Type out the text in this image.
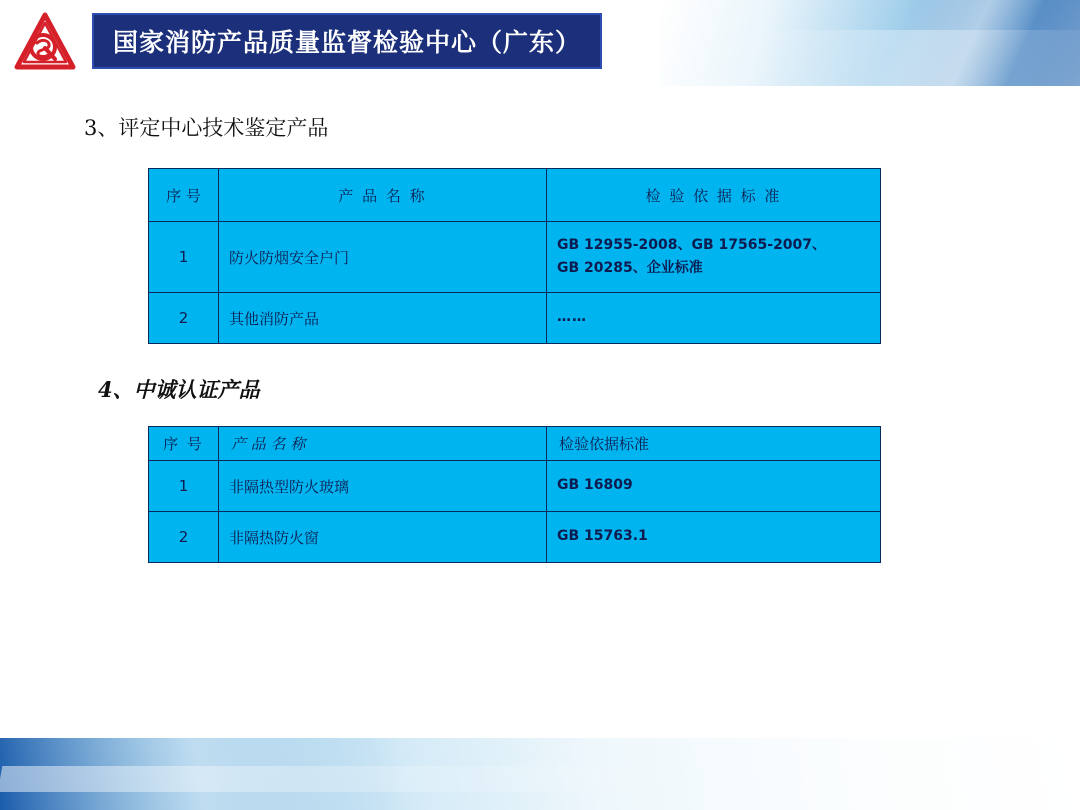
国家消防产品质量监督检验中心（广东）
3、评定中心技术鉴定产品
序 号	产 品 名 称	检 验 依 据 标 准
1	防火防烟安全户门	GB 12955-2008、GB 17565-2007、
GB 20285、企业标准

2	其他消防产品	……
4、中诚认证产品
序 号	产 品 名 称	检验依据标准
1	非隔热型防火玻璃	GB 16809
2	非隔热防火窗	GB 15763.1
